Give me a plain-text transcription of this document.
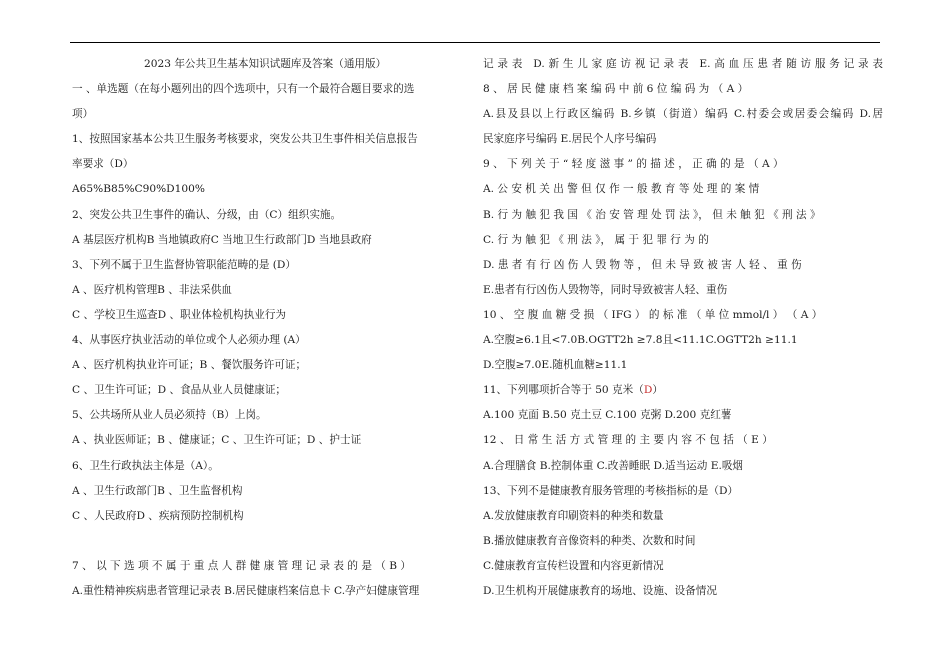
2023 年公共卫生基本知识试题库及答案（通用版）
一 、单选题（在每小题列出的四个选项中，只有一个最符合题目要求的选
项）
1、按照国家基本公共卫生服务考核要求，突发公共卫生事件相关信息报告
率要求（D）
A65%B85%C90%D100%
2、突发公共卫生事件的确认、分级，由（C）组织实施。
A 基层医疗机构B 当地镇政府C 当地卫生行政部门D 当地县政府
3、下列不属于卫生监督协管职能范畴的是 (D）
A 、医疗机构管理B 、非法采供血
C 、学校卫生巡查D 、职业体检机构执业行为
4、从事医疗执业活动的单位或个人必须办理 (A）
A 、医疗机构执业许可证；B 、餐饮服务许可证；
C 、卫生许可证；D 、食品从业人员健康证；
5、公共场所从业人员必须持（B）上岗。
A 、执业医师证；B 、健康证；C 、卫生许可证；D 、护士证
6、卫生行政执法主体是（A）。
A 、卫生行政部门B 、卫生监督机构
C 、人民政府D 、疾病预防控制机构
7 、 以 下 选 项 不 属 于 重 点 人 群 健 康 管 理 记 录 表 的 是 （ B ）
A.重性精神疾病患者管理记录表 B.居民健康档案信息卡 C.孕产妇健康管理
记录表 D.新生儿家庭访视记录表 E.高血压患者随访服务记录表
8 、 居 民 健 康 档 案 编 码 中 前 6 位 编 码 为 （ A ）
A.县及县以上行政区编码 B.乡镇（街道）编码 C.村委会或居委会编码 D.居
民家庭序号编码 E.居民个人序号编码
9 、 下 列 关 于 “ 轻 度 滋 事 ” 的 描 述 ， 正 确 的 是 （ A ）
A. 公 安 机 关 出 警 但 仅 作 一 般 教 育 等 处 理 的 案 情
B. 行 为 触 犯 我 国 《 治 安 管 理 处 罚 法 》， 但 未 触 犯 《 刑 法 》
C. 行 为 触 犯 《 刑 法 》， 属 于 犯 罪 行 为 的
D. 患 者 有 行 凶 伤 人 毁 物 等 ， 但 未 导 致 被 害 人 轻 、 重 伤
E.患者有行凶伤人毁物等，同时导致被害人轻、重伤
10 、 空 腹 血 糖 受 损 （ IFG ） 的 标 准 （ 单 位 mmol/l ） （ A ）
A.空腹≥6.1且<7.0B.OGTT2h ≥7.8且<11.1C.OGTT2h ≥11.1
D.空腹≥7.0E.随机血糖≥11.1
11、下列哪项折合等于 50 克米（D）
A.100 克面 B.50 克土豆 C.100 克粥 D.200 克红薯
12 、 日 常 生 活 方 式 管 理 的 主 要 内 容 不 包 括 （ E ）
A.合理膳食 B.控制体重 C.改善睡眠 D.适当运动 E.吸烟
13、下列不是健康教育服务管理的考核指标的是（D）
A.发放健康教育印刷资料的种类和数量
B.播放健康教育音像资料的种类、次数和时间
C.健康教育宣传栏设置和内容更新情况
D.卫生机构开展健康教育的场地、设施、设备情况
